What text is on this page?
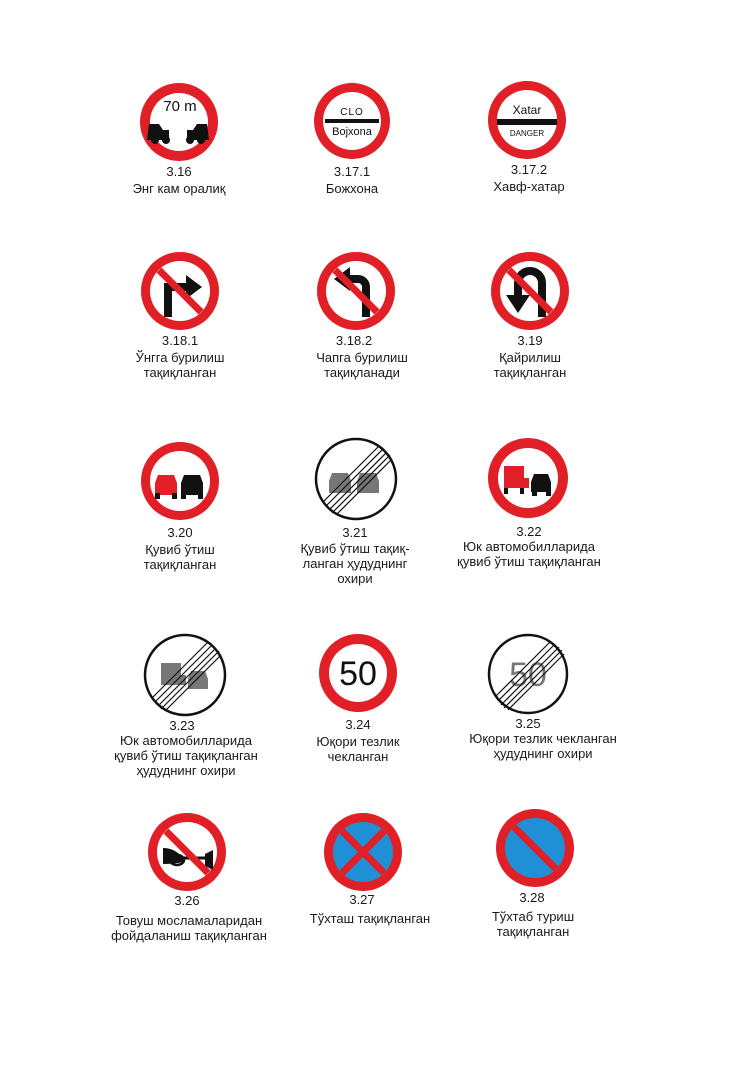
70 m
3.16
Энг кам оралиқ
CLO
Bojxona
3.17.1
Божхона
Xatar
DANGER
3.17.2
Хавф-хатар
3.18.1
Ўнгга бурилиш
тақиқланган
3.18.2
Чапга бурилиш
тақиқланади
3.19
Қайрилиш
тақиқланган
3.20
Қувиб ўтиш
тақиқланган
3.21
Қувиб ўтиш тақиқ-
ланган ҳудуднинг
охири
3.22
Юк автомобилларида
қувиб ўтиш тақиқланган
3.23
Юк автомобилларида
қувиб ўтиш тақиқланган
ҳудуднинг охири
50
3.24
Юқори тезлик
чекланган
50
3.25
Юқори тезлик чекланган
ҳудуднинг охири
3.26
Товуш мосламаларидан
фойдаланиш тақиқланган
3.27
Тўхташ тақиқланган
3.28
Тўхтаб туриш
тақиқланган
